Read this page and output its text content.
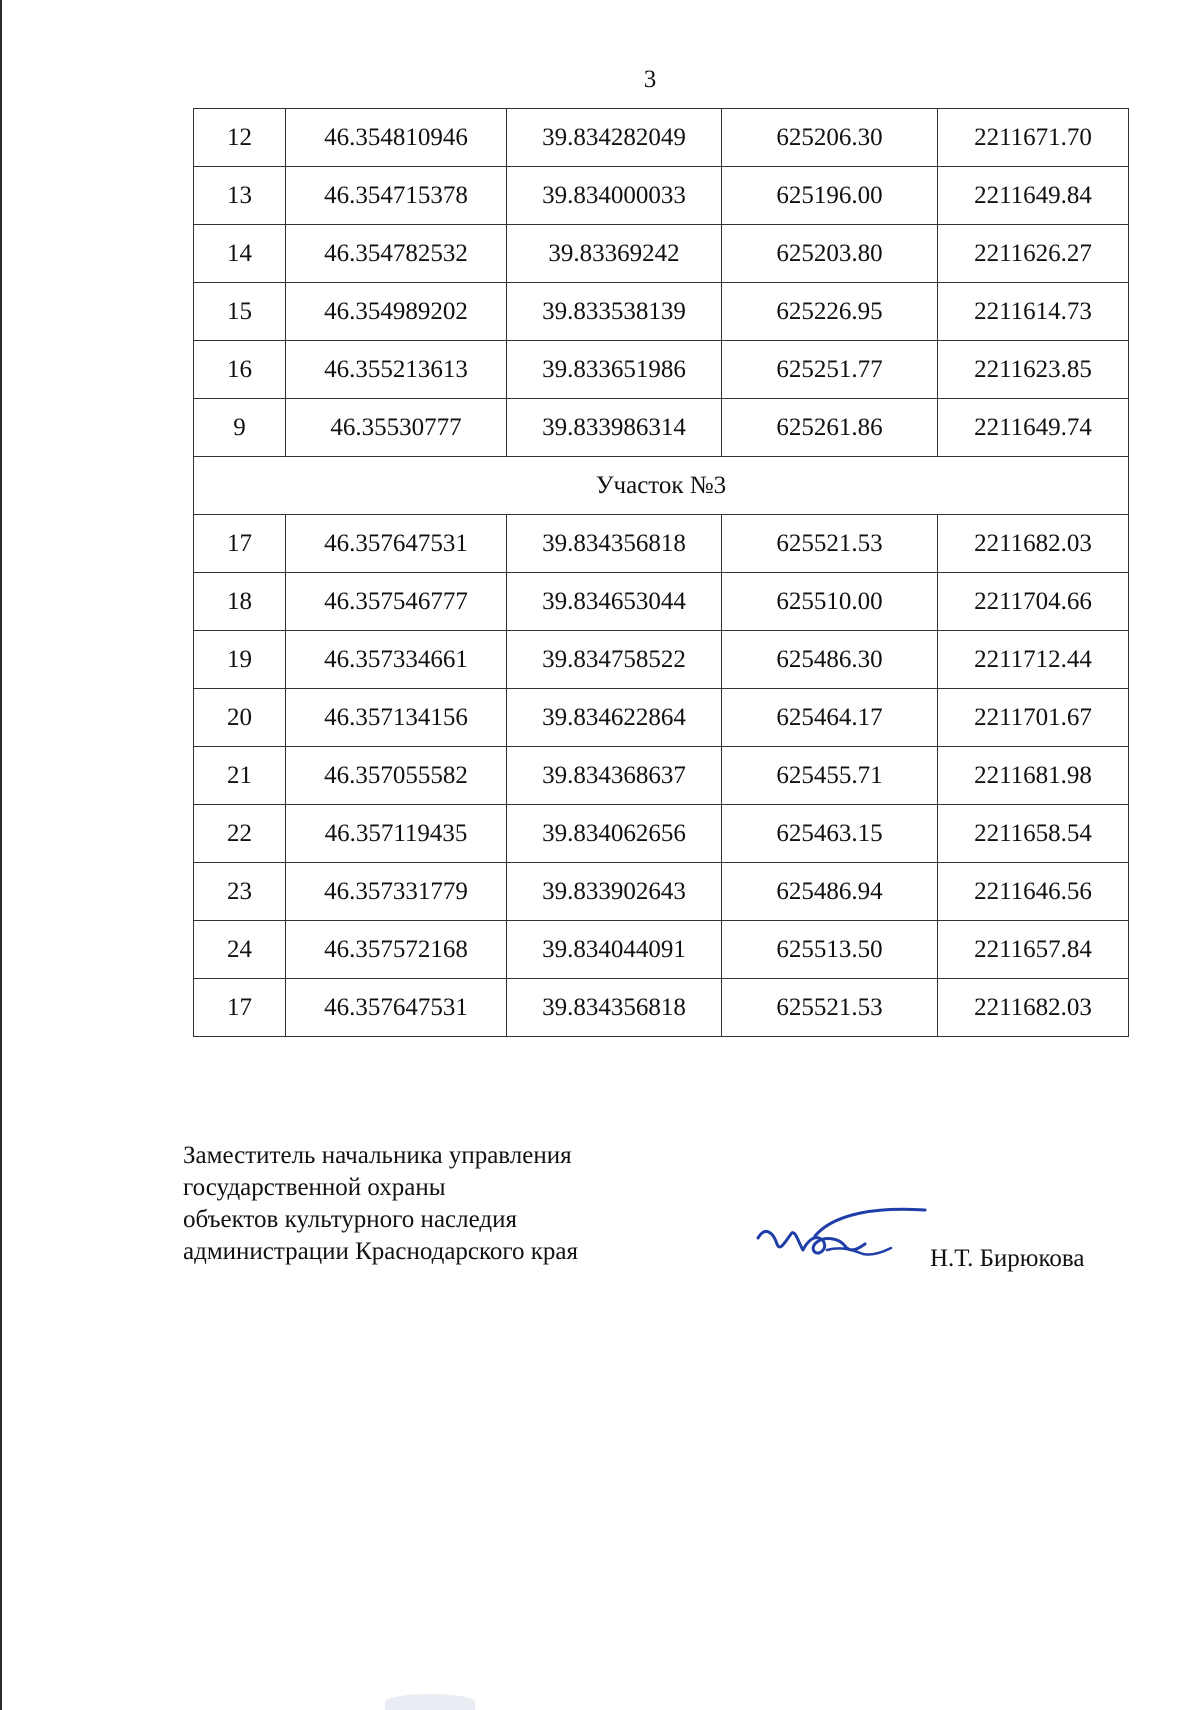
3
12	46.354810946	39.834282049	625206.30	2211671.70
13	46.354715378	39.834000033	625196.00	2211649.84
14	46.354782532	39.83369242	625203.80	2211626.27
15	46.354989202	39.833538139	625226.95	2211614.73
16	46.355213613	39.833651986	625251.77	2211623.85
9	46.35530777	39.833986314	625261.86	2211649.74
Участок №3				
17	46.357647531	39.834356818	625521.53	2211682.03
18	46.357546777	39.834653044	625510.00	2211704.66
19	46.357334661	39.834758522	625486.30	2211712.44
20	46.357134156	39.834622864	625464.17	2211701.67
21	46.357055582	39.834368637	625455.71	2211681.98
22	46.357119435	39.834062656	625463.15	2211658.54
23	46.357331779	39.833902643	625486.94	2211646.56
24	46.357572168	39.834044091	625513.50	2211657.84
17	46.357647531	39.834356818	625521.53	2211682.03
Заместитель начальника управления
государственной охраны
объектов культурного наследия
администрации Краснодарского края	Н.Т. Бирюкова
